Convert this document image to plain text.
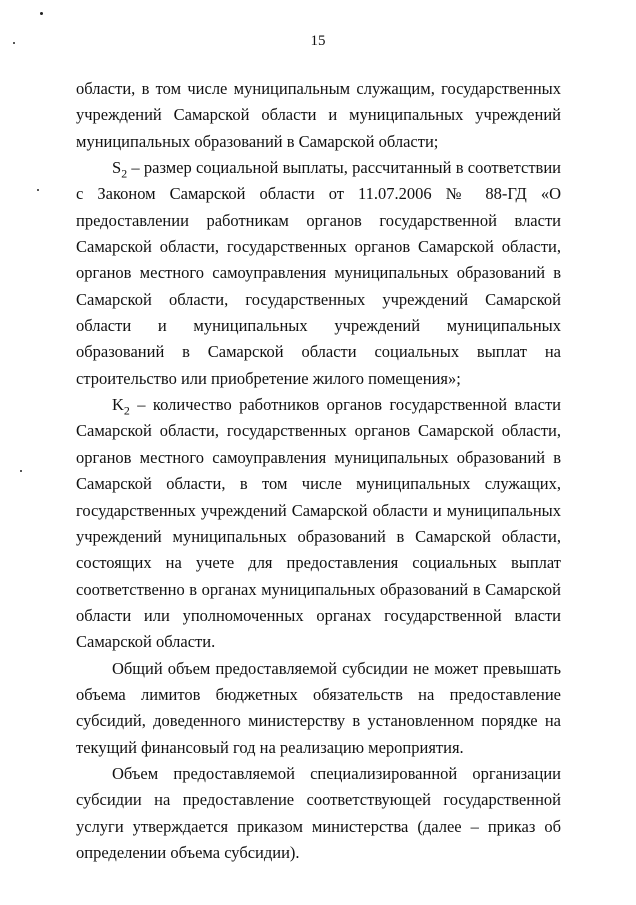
15

области, в том числе муниципальным служащим, государственных учреждений Самарской области и муниципальных учреждений муниципальных образований в Самарской области;

$S_2$ – размер социальной выплаты, рассчитанный в соответствии с Законом Самарской области от 11.07.2006 № 88-ГД «О предоставлении работникам органов государственной власти Самарской области, государственных органов Самарской области, органов местного самоуправления муниципальных образований в Самарской области, государственных учреждений Самарской области и муниципальных учреждений муниципальных образований в Самарской области социальных выплат на строительство или приобретение жилого помещения»;

$K_2$ – количество работников органов государственной власти Самарской области, государственных органов Самарской области, органов местного самоуправления муниципальных образований в Самарской области, в том числе муниципальных служащих, государственных учреждений Самарской области и муниципальных учреждений муниципальных образований в Самарской области, состоящих на учете для предоставления социальных выплат соответственно в органах муниципальных образований в Самарской области или уполномоченных органах государственной власти Самарской области.

Общий объем предоставляемой субсидии не может превышать объема лимитов бюджетных обязательств на предоставление субсидий, доведенного министерству в установленном порядке на текущий финансовый год на реализацию мероприятия.

Объем предоставляемой специализированной организации субсидии на предоставление соответствующей государственной услуги утверждается приказом министерства (далее – приказ об определении объема субсидии).
